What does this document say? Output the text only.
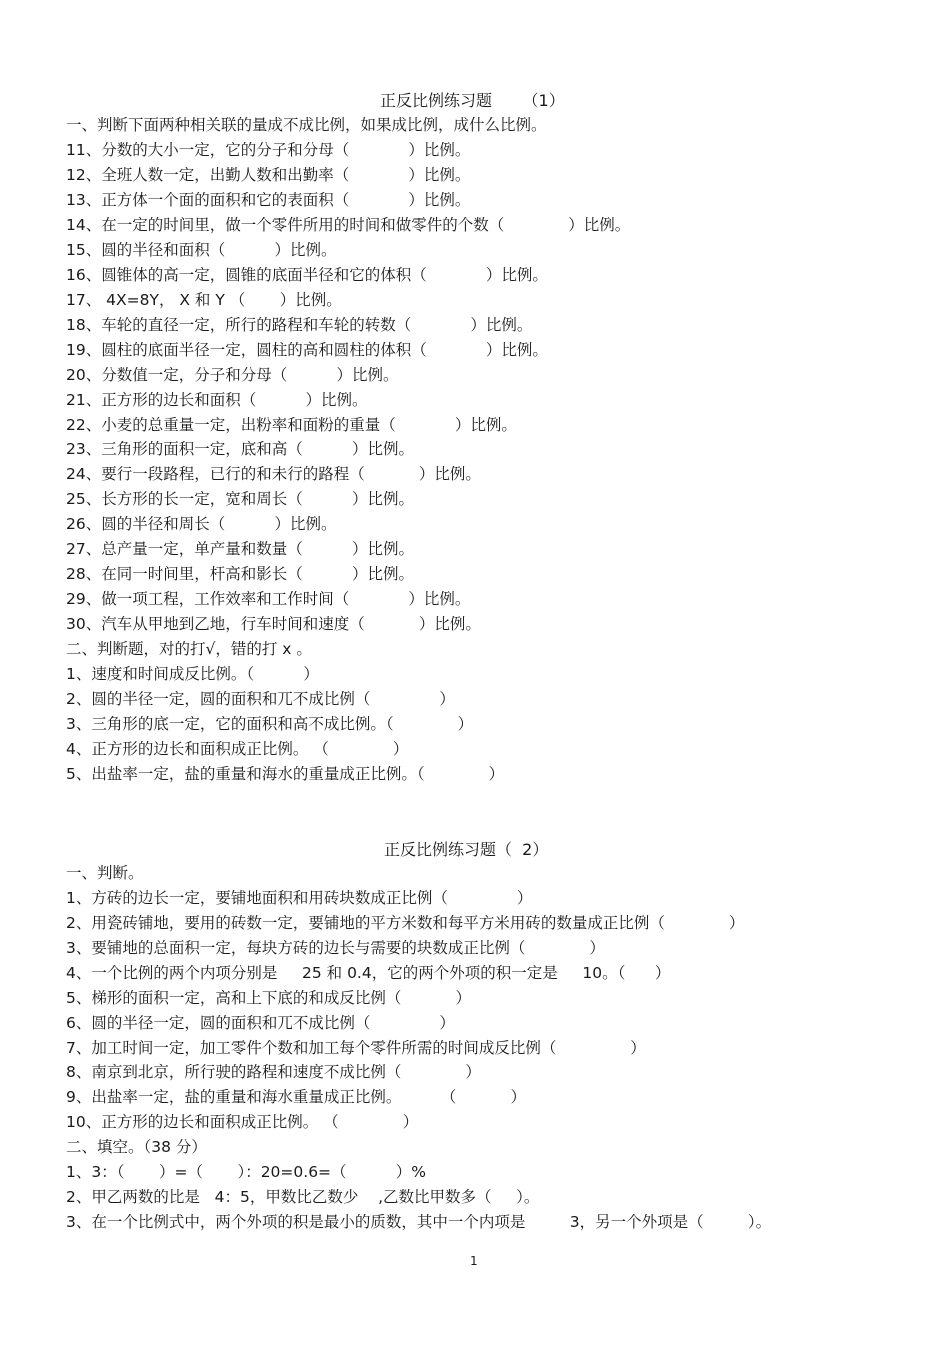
正反比例练习题      （1）
一、判断下面两种相关联的量成不成比例，如果成比例，成什么比例。
11、分数的大小一定，它的分子和分母（            ）比例。
12、全班人数一定，出勤人数和出勤率（            ）比例。
13、正方体一个面的面积和它的表面积（            ）比例。
14、在一定的时间里，做一个零件所用的时间和做零件的个数（             ）比例。
15、圆的半径和面积（          ）比例。
16、圆锥体的高一定，圆锥的底面半径和它的体积（            ）比例。
17、 4X=8Y， X 和 Y （       ）比例。
18、车轮的直径一定，所行的路程和车轮的转数（            ）比例。
19、圆柱的底面半径一定，圆柱的高和圆柱的体积（            ）比例。
20、分数值一定，分子和分母（          ）比例。
21、正方形的边长和面积（          ）比例。
22、小麦的总重量一定，出粉率和面粉的重量（            ）比例。
23、三角形的面积一定，底和高（          ）比例。
24、要行一段路程，已行的和未行的路程（           ）比例。
25、长方形的长一定，宽和周长（          ）比例。
26、圆的半径和周长（          ）比例。
27、总产量一定，单产量和数量（          ）比例。
28、在同一时间里，杆高和影长（          ）比例。
29、做一项工程，工作效率和工作时间（            ）比例。
30、汽车从甲地到乙地，行车时间和速度（           ）比例。
二、判断题，对的打√，错的打 x 。
1、速度和时间成反比例。（          ）
2、圆的半径一定，圆的面积和兀不成比例（              ）
3、三角形的底一定，它的面积和高不成比例。（             ）
4、正方形的边长和面积成正比例。 （             ）
5、出盐率一定，盐的重量和海水的重量成正比例。（             ）
正反比例练习题（  2）
一、判断。
1、方砖的边长一定，要铺地面积和用砖块数成正比例（              ）
2、用瓷砖铺地，要用的砖数一定，要铺地的平方米数和每平方米用砖的数量成正比例（             ）
3、要铺地的总面积一定，每块方砖的边长与需要的块数成正比例（             ）
4、一个比例的两个内项分别是     25 和 0.4，它的两个外项的积一定是     10。（      ）
5、梯形的面积一定，高和上下底的和成反比例（           ）
6、圆的半径一定，圆的面积和兀不成比例（              ）
7、加工时间一定，加工零件个数和加工每个零件所需的时间成反比例（               ）
8、南京到北京，所行驶的路程和速度不成比例（             ）
9、出盐率一定，盐的重量和海水重量成正比例。        （           ）
10、正方形的边长和面积成正比例。 （             ）
二、填空。（38 分）
1、3：（       ）=（       ）：20=0.6=（          ）%
2、甲乙两数的比是   4：5，甲数比乙数少    ,乙数比甲数多（     ）。
3、在一个比例式中，两个外项的积是最小的质数，其中一个内项是         3，另一个外项是（         ）。
1
